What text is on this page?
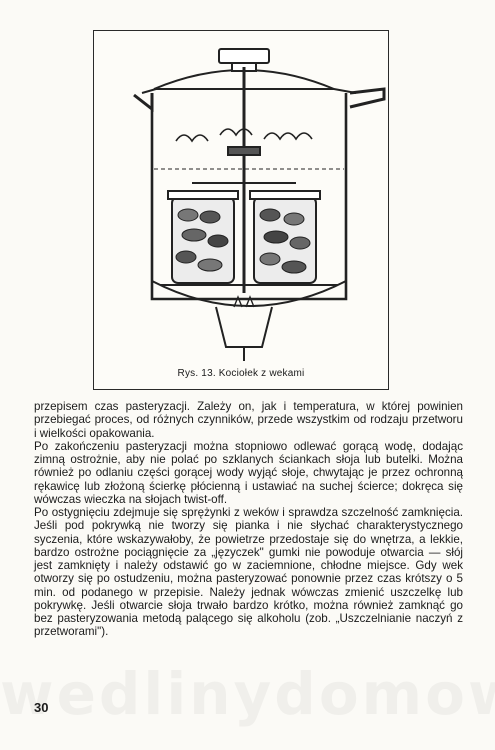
Rys. 13. Kociołek z wekami

przepisem czas pasteryzacji. Zależy on, jak i temperatura, w której powinien przebiegać proces, od różnych czynników, przede wszystkim od rodzaju przetworu i wielkości opakowania.

Po zakończeniu pasteryzacji można stopniowo odlewać gorącą wodę, dodając zimną ostrożnie, aby nie polać po szklanych ściankach słoja lub butelki. Można również po odlaniu części gorącej wody wyjąć słoje, chwytając je przez ochronną rękawicę lub złożoną ścierkę płócienną i ustawiać na suchej ścierce; dokręca się wówczas wieczka na słojach twist-off.

Po ostygnięciu zdejmuje się sprężynki z weków i sprawdza szczelność zamknięcia. Jeśli pod pokrywką nie tworzy się pianka i nie słychać charakterystycznego syczenia, które wskazywałoby, że powietrze przedostaje się do wnętrza, a lekkie, bardzo ostrożne pociągnięcie za „języczek" gumki nie powoduje otwarcia — słój jest zamknięty i należy odstawić go w zaciemnione, chłodne miejsce. Gdy wek otworzy się po ostudzeniu, można pasteryzować ponownie przez czas krótszy o 5 min. od podanego w przepisie. Należy jednak wówczas zmienić uszczelkę lub pokrywkę. Jeśli otwarcie słoja trwało bardzo krótko, można również zamknąć go bez pasteryzowania metodą palącego się alkoholu (zob. „Uszczelnianie naczyń z przetworami").

30
